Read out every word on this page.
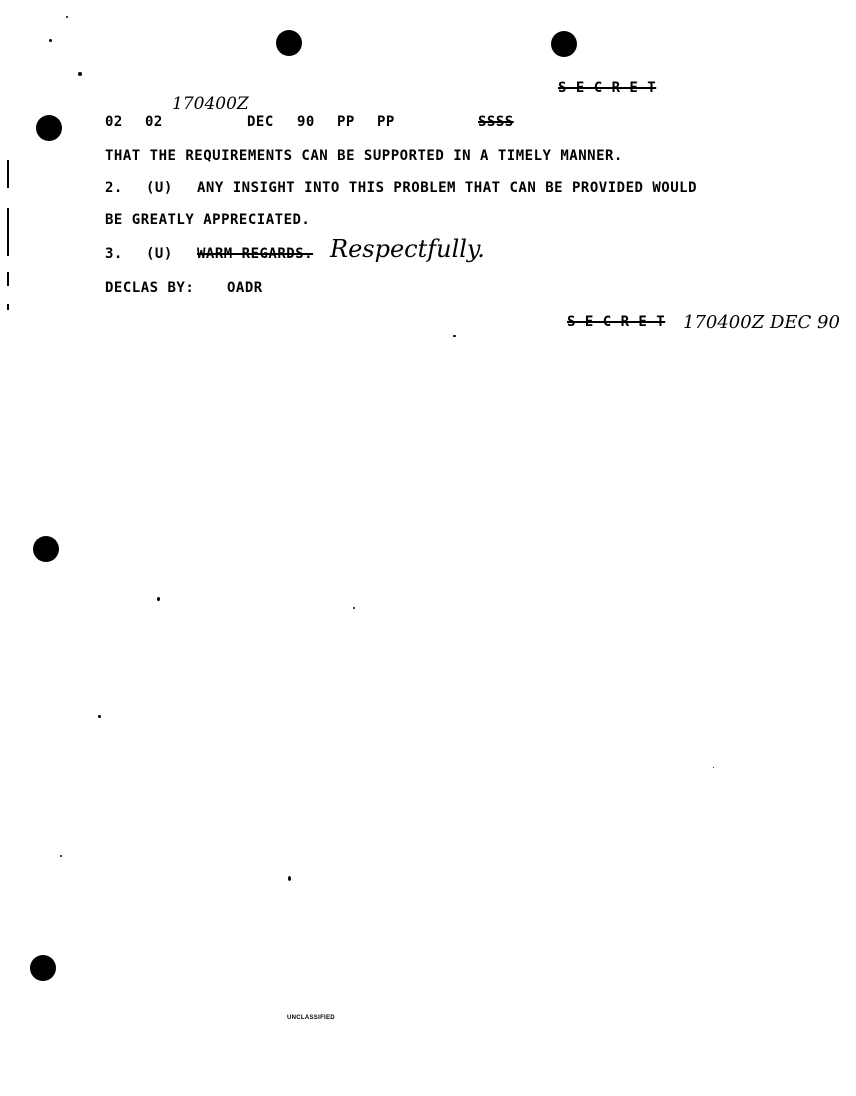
S E C R E T
170400Z
02 02	DEC 90 PP PP	SSSS
THAT THE REQUIREMENTS CAN BE SUPPORTED IN A TIMELY MANNER.
2. (U) ANY INSIGHT INTO THIS PROBLEM THAT CAN BE PROVIDED WOULD
BE GREATLY APPRECIATED.
3. (U) WARM REGARDS. Respectfully.
DECLAS BY: OADR
S E C R E T 170400Z DEC 90
UNCLASSIFIED
